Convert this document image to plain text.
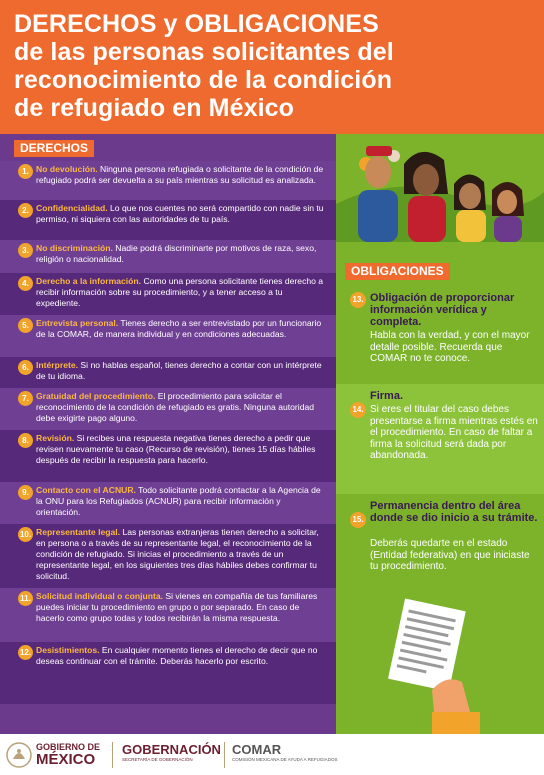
DERECHOS y OBLIGACIONES
de las personas solicitantes del
reconocimiento de la condición
de refugiado en México
DERECHOS
1. No devolución. Ninguna persona refugiada o solicitante de la condición de refugiado podrá ser devuelta a su país mientras su solicitud es analizada.
2. Confidencialidad. Lo que nos cuentes no será compartido con nadie sin tu permiso, ni siquiera con las autoridades de tu país.
3. No discriminación. Nadie podrá discriminarte por motivos de raza, sexo, religión o nacionalidad.
4. Derecho a la información. Como una persona solicitante tienes derecho a recibir información sobre su procedimiento, y a tener acceso a tu expediente.
5. Entrevista personal. Tienes derecho a ser entrevistado por un funcionario de la COMAR, de manera individual y en condiciones adecuadas.
6. Intérprete. Si no hablas español, tienes derecho a contar con un intérprete de tu idioma.
7. Gratuidad del procedimiento. El procedimiento para solicitar el reconocimiento de la condición de refugiado es gratis. Ninguna autoridad debe exigirte pago alguno.
8. Revisión. Si recibes una respuesta negativa tienes derecho a pedir que revisen nuevamente tu caso (Recurso de revisión), tienes 15 días hábiles después de recibir la respuesta para hacerlo.
9. Contacto con el ACNUR. Todo solicitante podrá contactar a la Agencia de la ONU para los Refugiados (ACNUR) para recibir información y orientación.
10. Representante legal. Las personas extranjeras tienen derecho a solicitar, en persona o a través de su representante legal, el reconocimiento de la condición de refugiado. Si inicias el procedimiento a través de un representante legal, en los siguientes tres días hábiles debes confirmar tu solicitud.
11. Solicitud individual o conjunta. Si vienes en compañía de tus familiares puedes iniciar tu procedimiento en grupo o por separado. En caso de hacerlo como grupo todas y todos recibirán la misma respuesta.
12. Desistimientos. En cualquier momento tienes el derecho de decir que no deseas continuar con el trámite. Deberás hacerlo por escrito.
OBLIGACIONES
13. Obligación de proporcionar información verídica y completa.
Habla con la verdad, y con el mayor detalle posible. Recuerda que COMAR no te conoce.
14.
Firma.
Si eres el titular del caso debes presentarse a firma mientras estés en el procedimiento. En caso de faltar a firma la solicitud será dada por abandonada.
15.
Permanencia dentro del área donde se dio inicio a su trámite.
Deberás quedarte en el estado (Entidad federativa) en que iniciaste tu procedimiento.
GOBIERNO DE
MÉXICO
GOBERNACIÓN
SECRETARÍA DE GOBERNACIÓN
COMAR
COMISIÓN MEXICANA DE AYUDA A REFUGIADOS
